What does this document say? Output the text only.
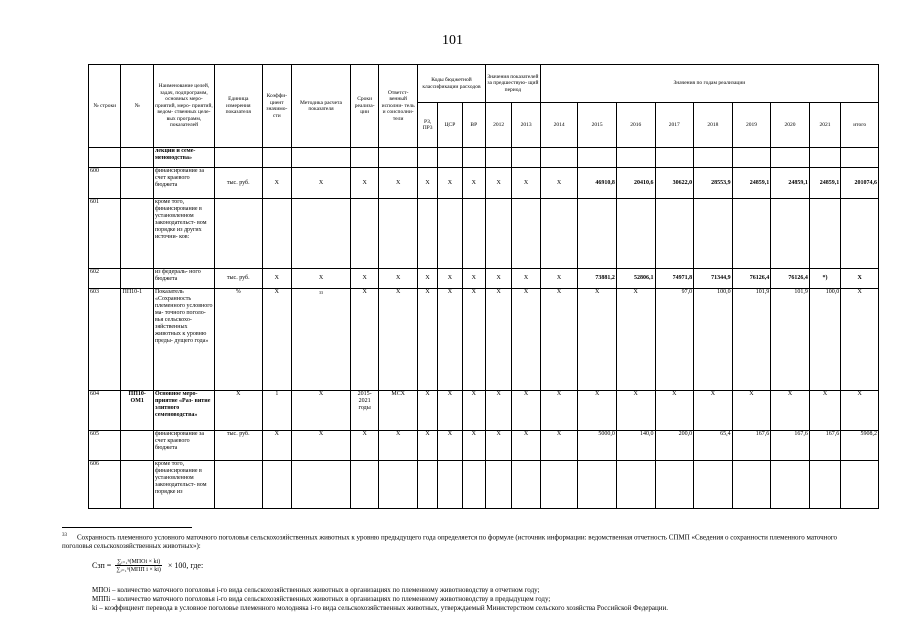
101
№ строки	№	Наименование целей, задач, подпрограмм, основных меро- приятий, меро- приятий, ведом- ственных целе- вых программ, показателей	Единица измерения показателя	Коэффи- циент значимо- сти	Методика расчета показателя	Сроки реализа- ции	Ответст- венный исполни- тель и соисполни- тели	Коды бюджетной классификации расходов			Значения показателей за предшествую- щий период		Значения по годам реализации								
								РЗ, ПР3	ЦСР	ВР	2012	2013	2014	2015	2016	2017	2018	2019	2020	2021	итого
		лекции и семе- меноводства»																			
600		финансирование за счет краевого бюджета	тыс. руб.	Х	Х	Х	Х	Х	Х	Х	Х	Х	Х	46910,8	20410,6	30622,0	28553,9	24859,1	24859,1	24859,1	201074,6
601		кроме того, финансирование в установленном законодательст- вом порядке из других источни- ков:																			
602		из федераль- ного бюджета	тыс. руб.	Х	Х	Х	Х	Х	Х	Х	Х	Х	Х	73881,2	52806,1	74971,8	71344,9	76126,4	76126,4	*)	Х
603	ПП10-1	Показатель «Сохранность племенного условного ма- точного поголо- вья сельскохо- зяйственных животных к уровню преды- дущего года»	%	Х	33	Х	Х	Х	Х	Х	Х	Х	Х	Х	Х	97,0	100,0	101,9	101,9	100,0	Х
604	ПП10- ОМ1	Основное меро- приятие «Раз- витие элитного семеноводства»	Х	1	Х	2015- 2021 годы	МСХ	Х	Х	Х	Х	Х	Х	Х	Х	Х	Х	Х	Х	Х	Х
605		финансирование за счет краевого бюджета	тыс. руб.	Х	Х	Х	Х	Х	Х	Х	Х	Х	Х	5000,0	140,0	200,0	65,4	167,6	167,6	167,6	5908,2
606		кроме того, финансирование в установленном законодательст- вом порядке из																			
$^{33}$ Сохранность племенного условного маточного поголовья сельскохозяйственных животных к уровню предыдущего года определяется по формуле (источник информации: ведомственная отчетность СПМП «Сведения о сохранности племенного маточного поголовья сельскохозяйственных животных»):
Сзп = $\frac{\text{∑ᵢ₌₁ⁿ(МПОi × ki)}}{\text{∑ᵢ₌₁ⁿ(МПП i × ki)}} \times 100$, где:
МПОi – количество маточного поголовья i-го вида сельскохозяйственных животных в организациях по племенному животноводству в отчетном году;
МППi – количество маточного поголовья i-го вида сельскохозяйственных животных в организациях по племенному животноводству в предыдущем году;
ki – коэффициент перевода в условное поголовье племенного молодняка i-го вида сельскохозяйственных животных, утверждаемый Министерством сельского хозяйства Российской Федерации.
